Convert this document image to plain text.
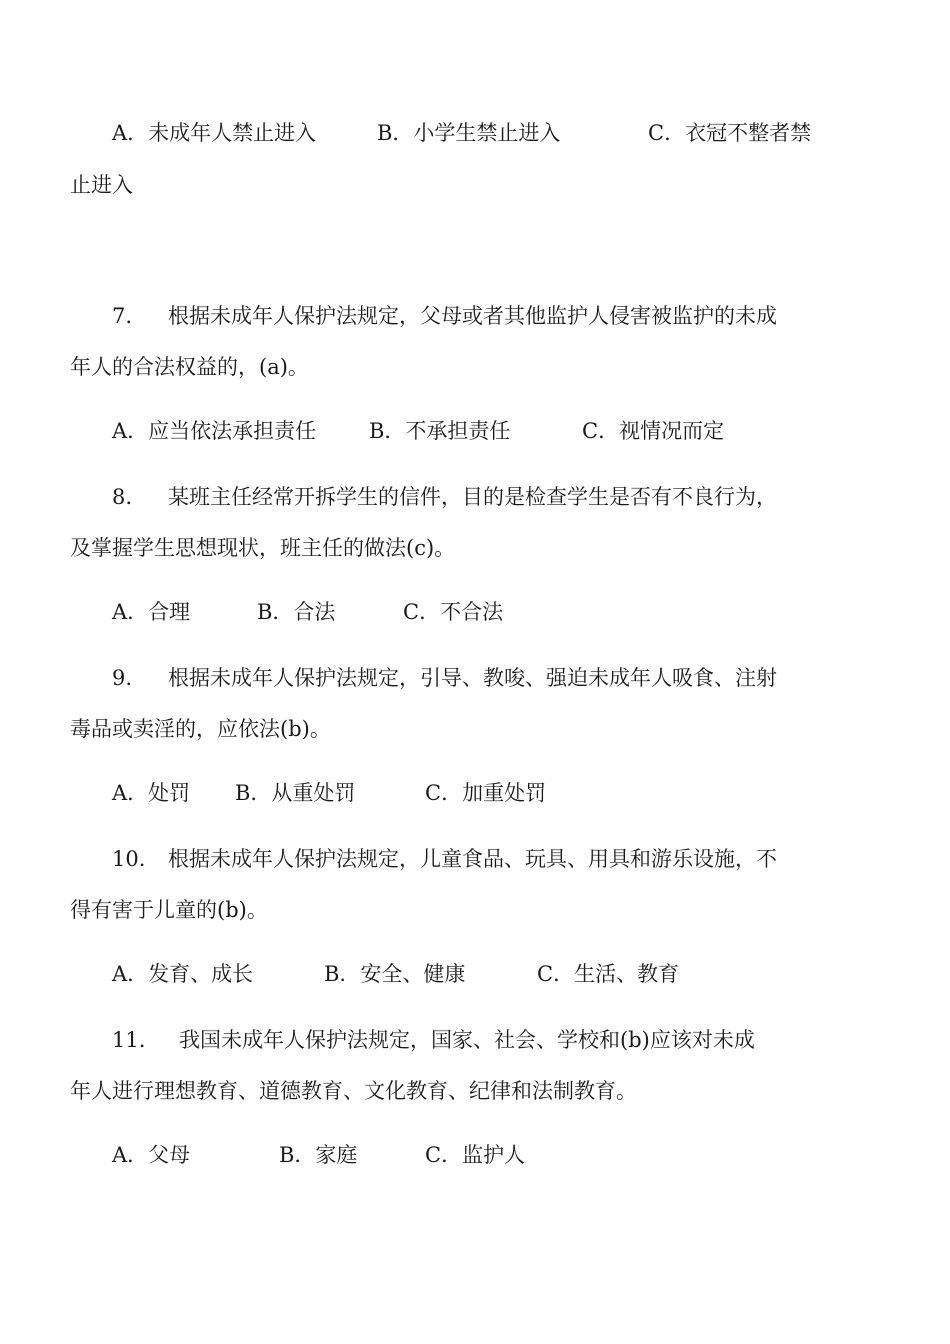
A．未成年人禁止进入	B．小学生禁止进入	C．衣冠不整者禁
止进入
7. 根据未成年人保护法规定，父母或者其他监护人侵害被监护的未成
年人的合法权益的，(a)。
A．应当依法承担责任	B．不承担责任	C．视情况而定
8. 某班主任经常开拆学生的信件，目的是检查学生是否有不良行为，
及掌握学生思想现状，班主任的做法(c)。
A．合理	B．合法	C．不合法
9. 根据未成年人保护法规定，引导、教唆、强迫未成年人吸食、注射
毒品或卖淫的，应依法(b)。
A．处罚 B．从重处罚	C．加重处罚
10. 根据未成年人保护法规定，儿童食品、玩具、用具和游乐设施，不
得有害于儿童的(b)。
A．发育、成长	B．安全、健康	C．生活、教育
11. 我国未成年人保护法规定，国家、社会、学校和(b)应该对未成
年人进行理想教育、道德教育、文化教育、纪律和法制教育。
A．父母	B．家庭	C．监护人
